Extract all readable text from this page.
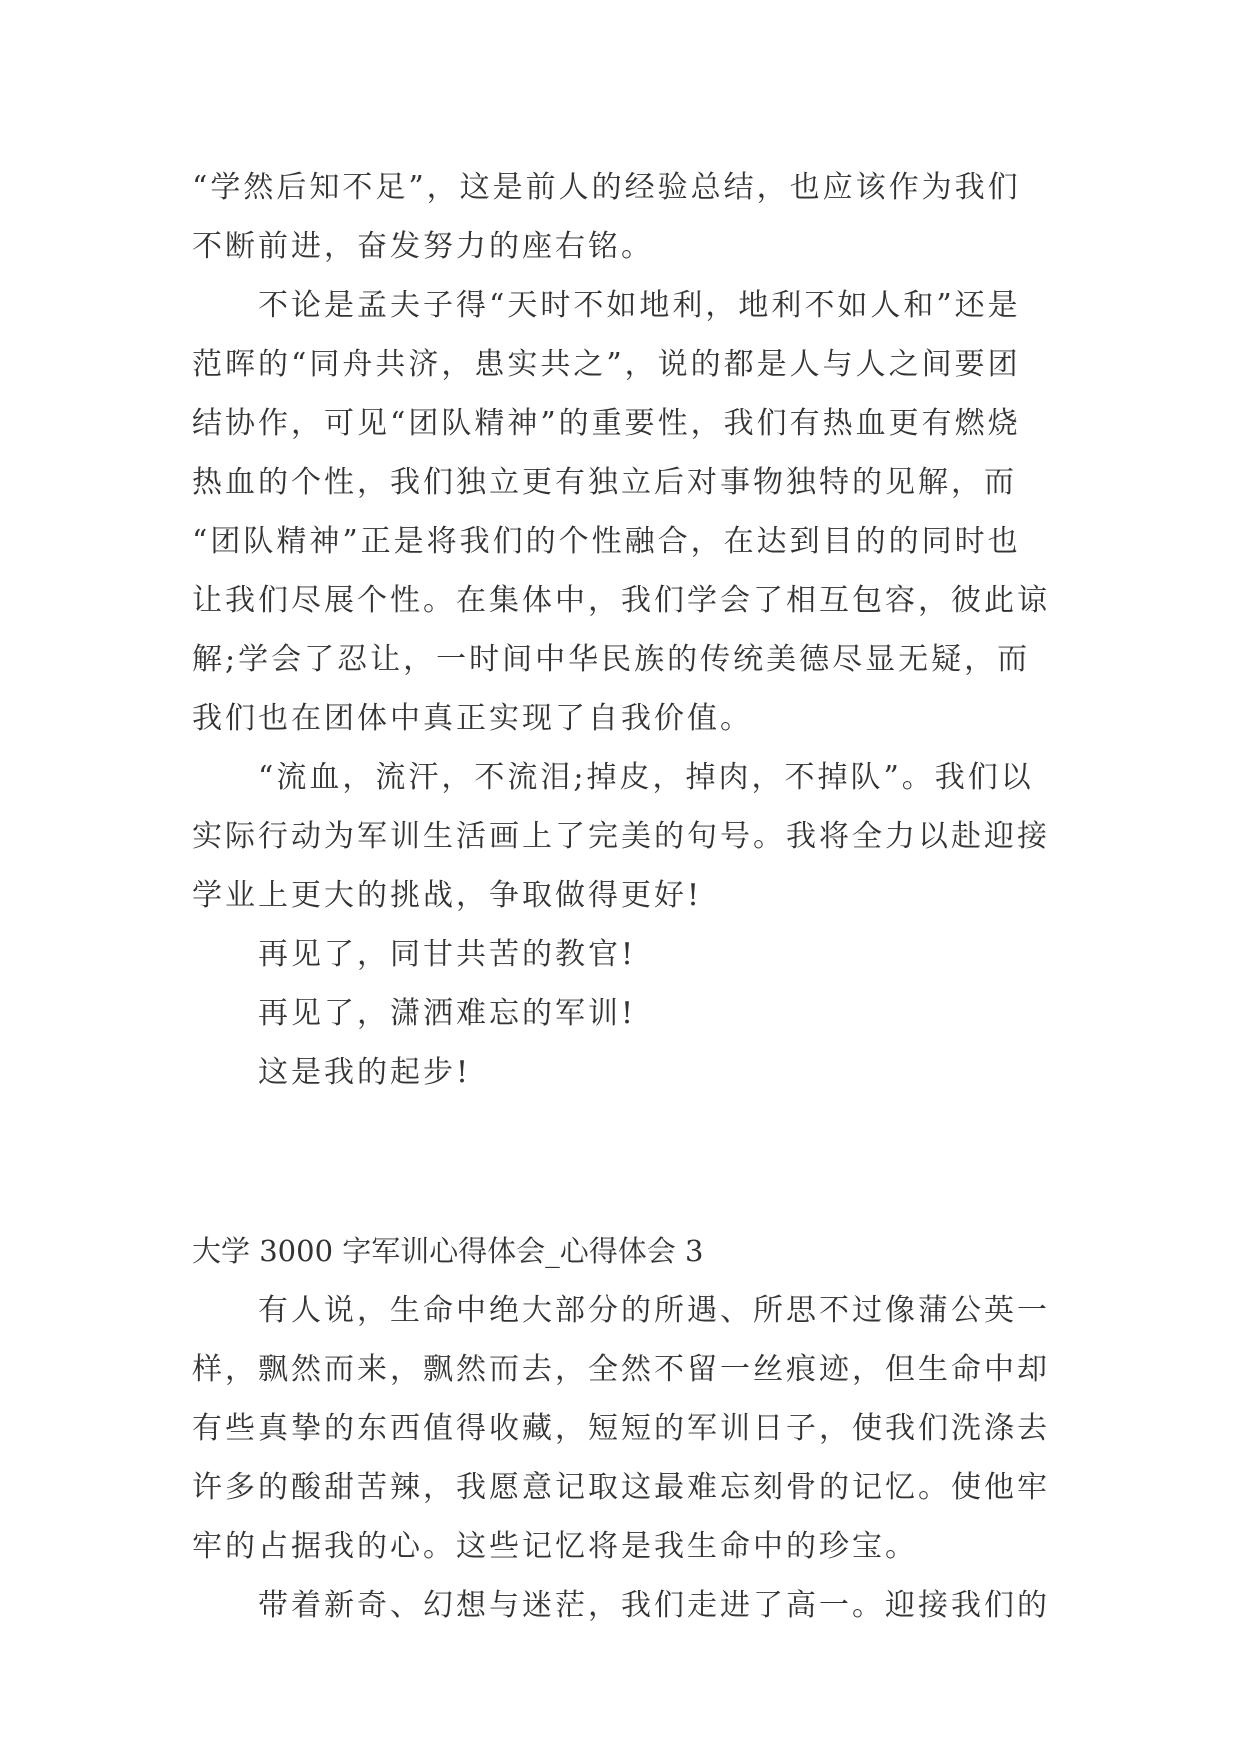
“学然后知不足”，这是前人的经验总结，也应该作为我们
不断前进，奋发努力的座右铭。
　　不论是孟夫子得“天时不如地利，地利不如人和”还是
范晖的“同舟共济，患实共之”，说的都是人与人之间要团
结协作，可见“团队精神”的重要性，我们有热血更有燃烧
热血的个性，我们独立更有独立后对事物独特的见解，而
“团队精神”正是将我们的个性融合，在达到目的的同时也
让我们尽展个性。在集体中，我们学会了相互包容，彼此谅
解;学会了忍让，一时间中华民族的传统美德尽显无疑，而
我们也在团体中真正实现了自我价值。
　　“流血，流汗，不流泪;掉皮，掉肉，不掉队”。我们以
实际行动为军训生活画上了完美的句号。我将全力以赴迎接
学业上更大的挑战，争取做得更好!
　　再见了，同甘共苦的教官!
　　再见了，潇洒难忘的军训!
　　这是我的起步!
大学 3000 字军训心得体会_心得体会 3
　　有人说，生命中绝大部分的所遇、所思不过像蒲公英一
样，飘然而来，飘然而去，全然不留一丝痕迹，但生命中却
有些真挚的东西值得收藏，短短的军训日子，使我们洗涤去
许多的酸甜苦辣，我愿意记取这最难忘刻骨的记忆。使他牢
牢的占据我的心。这些记忆将是我生命中的珍宝。
　　带着新奇、幻想与迷茫，我们走进了高一。迎接我们的
